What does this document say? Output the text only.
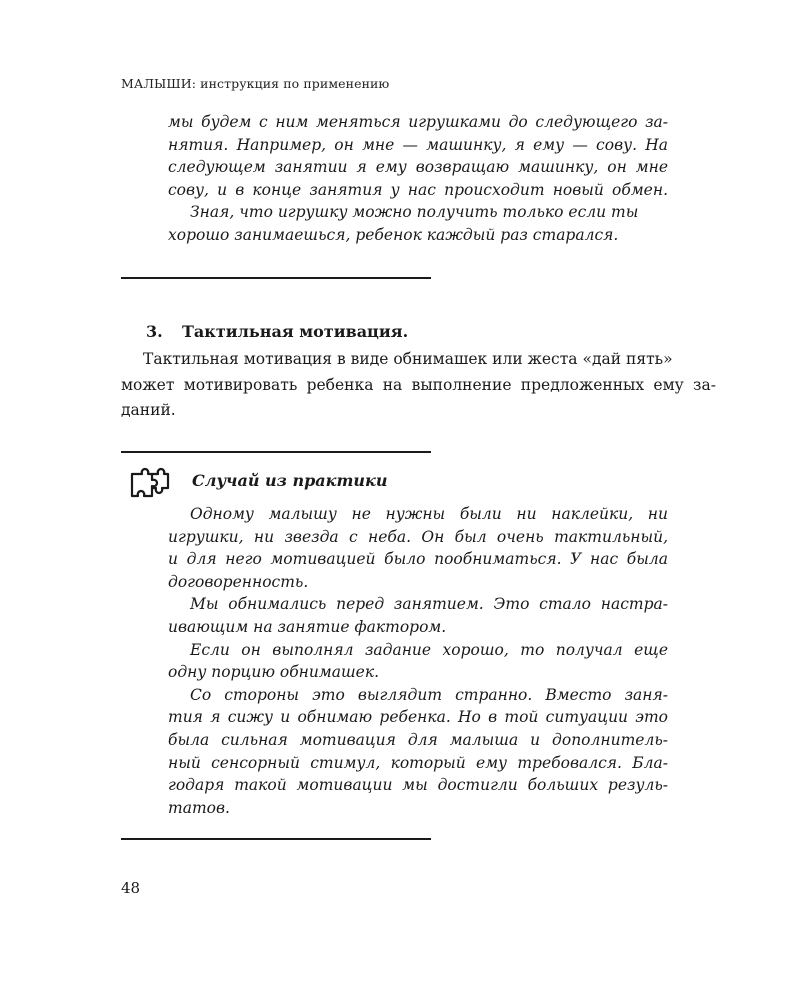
МАЛЫШИ: инструкция по применению
мы будем с ним меняться игрушками до следующего за-
нятия. Например, он мне — машинку, я ему — сову. На
следующем занятии я ему возвращаю машинку, он мне
сову, и в конце занятия у нас происходит новый обмен.
Зная, что игрушку можно получить только если ты
хорошо занимаешься, ребенок каждый раз старался.
3. Тактильная мотивация.
Тактильная мотивация в виде обнимашек или жеста «дай пять»
может мотивировать ребенка на выполнение предложенных ему за-
даний.
Случай из практики
Одному малышу не нужны были ни наклейки, ни
игрушки, ни звезда с неба. Он был очень тактильный,
и для него мотивацией было пообниматься. У нас была
договоренность.
Мы обнимались перед занятием. Это стало настра-
ивающим на занятие фактором.
Если он выполнял задание хорошо, то получал еще
одну порцию обнимашек.
Со стороны это выглядит странно. Вместо заня-
тия я сижу и обнимаю ребенка. Но в той ситуации это
была сильная мотивация для малыша и дополнитель-
ный сенсорный стимул, который ему требовался. Бла-
годаря такой мотивации мы достигли больших резуль-
татов.
48
